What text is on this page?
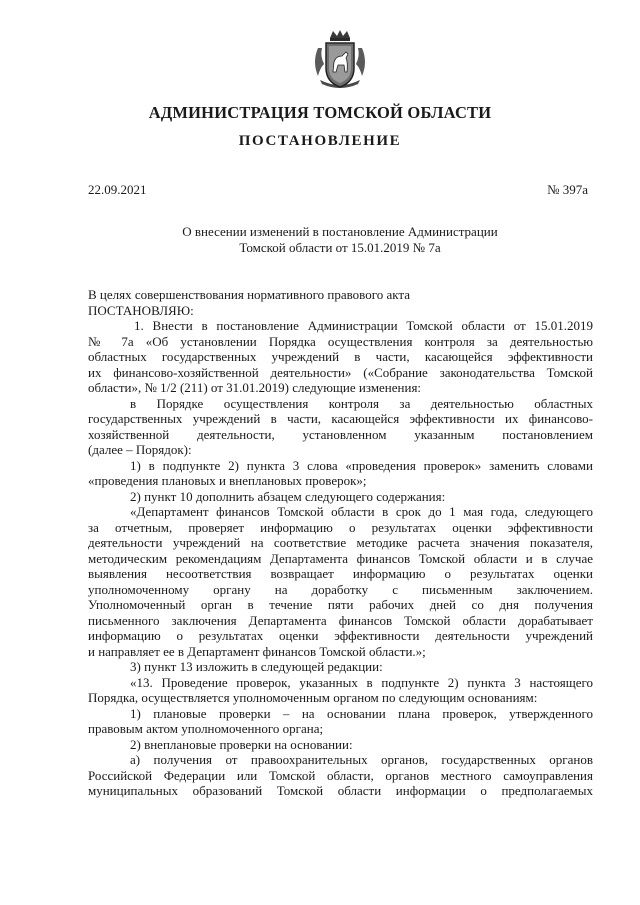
АДМИНИСТРАЦИЯ ТОМСКОЙ ОБЛАСТИ
ПОСТАНОВЛЕНИЕ
22.09.2021	№ 397а
О внесении изменений в постановление Администрации
Томской области от 15.01.2019 № 7а
В целях совершенствования нормативного правового акта
ПОСТАНОВЛЯЮ:
1. Внести в постановление Администрации Томской области от 15.01.2019
№ 7а «Об установлении Порядка осуществления контроля за деятельностью
областных государственных учреждений в части, касающейся эффективности
их финансово-хозяйственной деятельности» («Собрание законодательства Томской
области», № 1/2 (211) от 31.01.2019) следующие изменения:
в Порядке осуществления контроля за деятельностью областных
государственных учреждений в части, касающейся эффективности их финансово-
хозяйственной деятельности, установленном указанным постановлением
(далее – Порядок):
1) в подпункте 2) пункта 3 слова «проведения проверок» заменить словами
«проведения плановых и внеплановых проверок»;
2) пункт 10 дополнить абзацем следующего содержания:
«Департамент финансов Томской области в срок до 1 мая года, следующего
за отчетным, проверяет информацию о результатах оценки эффективности
деятельности учреждений на соответствие методике расчета значения показателя,
методическим рекомендациям Департамента финансов Томской области и в случае
выявления несоответствия возвращает информацию о результатах оценки
уполномоченному органу на доработку с письменным заключением.
Уполномоченный орган в течение пяти рабочих дней со дня получения
письменного заключения Департамента финансов Томской области дорабатывает
информацию о результатах оценки эффективности деятельности учреждений
и направляет ее в Департамент финансов Томской области.»;
3) пункт 13 изложить в следующей редакции:
«13. Проведение проверок, указанных в подпункте 2) пункта 3 настоящего
Порядка, осуществляется уполномоченным органом по следующим основаниям:
1) плановые проверки – на основании плана проверок, утвержденного
правовым актом уполномоченного органа;
2) внеплановые проверки на основании:
а) получения от правоохранительных органов, государственных органов
Российской Федерации или Томской области, органов местного самоуправления
муниципальных образований Томской области информации о предполагаемых
